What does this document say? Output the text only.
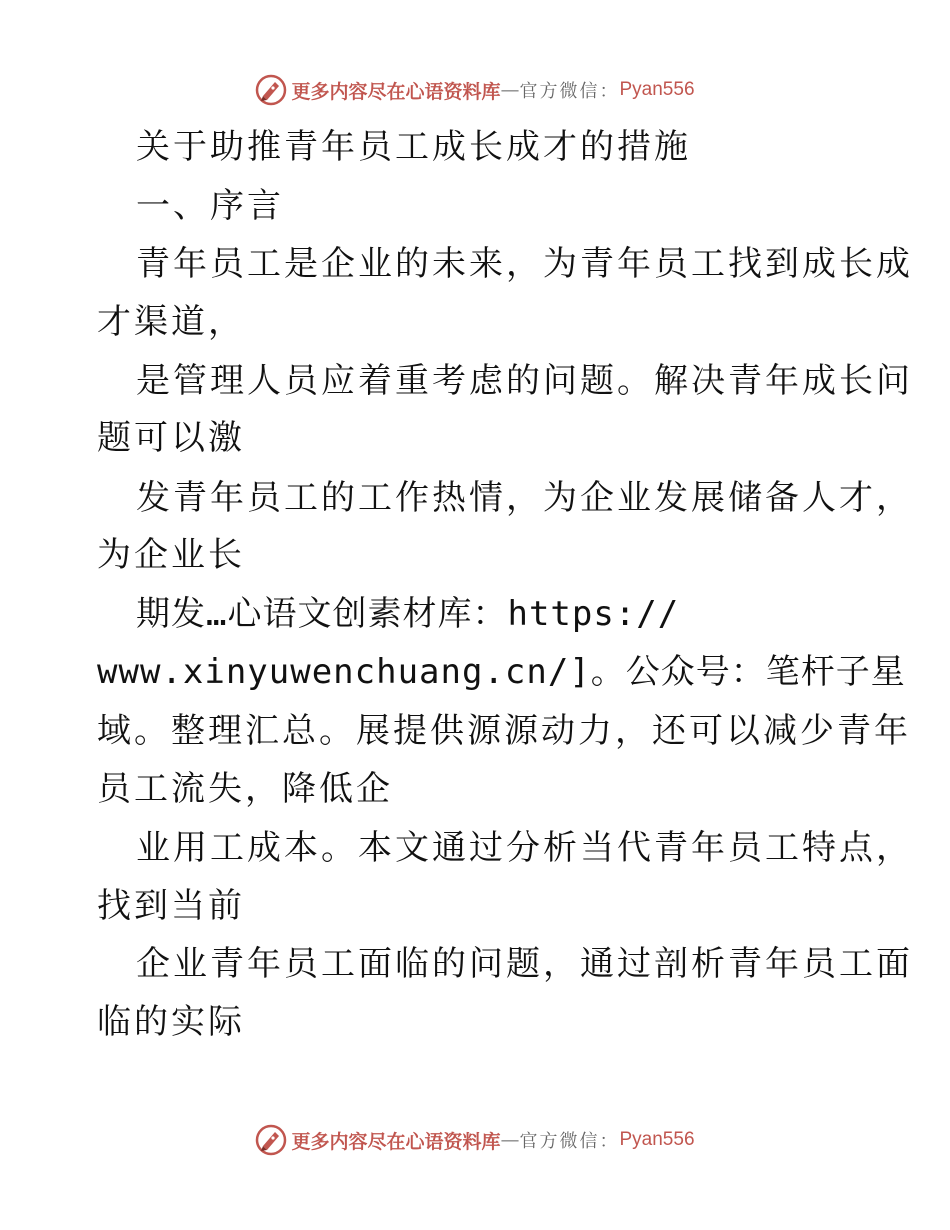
更多内容尽在心语资料库 — 官方微信： Pyan556
关于助推青年员工成长成才的措施
一、序言
青年员工是企业的未来，为青年员工找到成长成
才渠道，
是管理人员应着重考虑的问题。解决青年成长问
题可以激
发青年员工的工作热情，为企业发展储备人才，
为企业长
期发…心语文创素材库：https://
www.xinyuwenchuang.cn/]。公众号：笔杆子星
域。整理汇总。展提供源源动力，还可以减少青年
员工流失，降低企
业用工成本。本文通过分析当代青年员工特点，
找到当前
企业青年员工面临的问题，通过剖析青年员工面
临的实际
更多内容尽在心语资料库 — 官方微信： Pyan556
